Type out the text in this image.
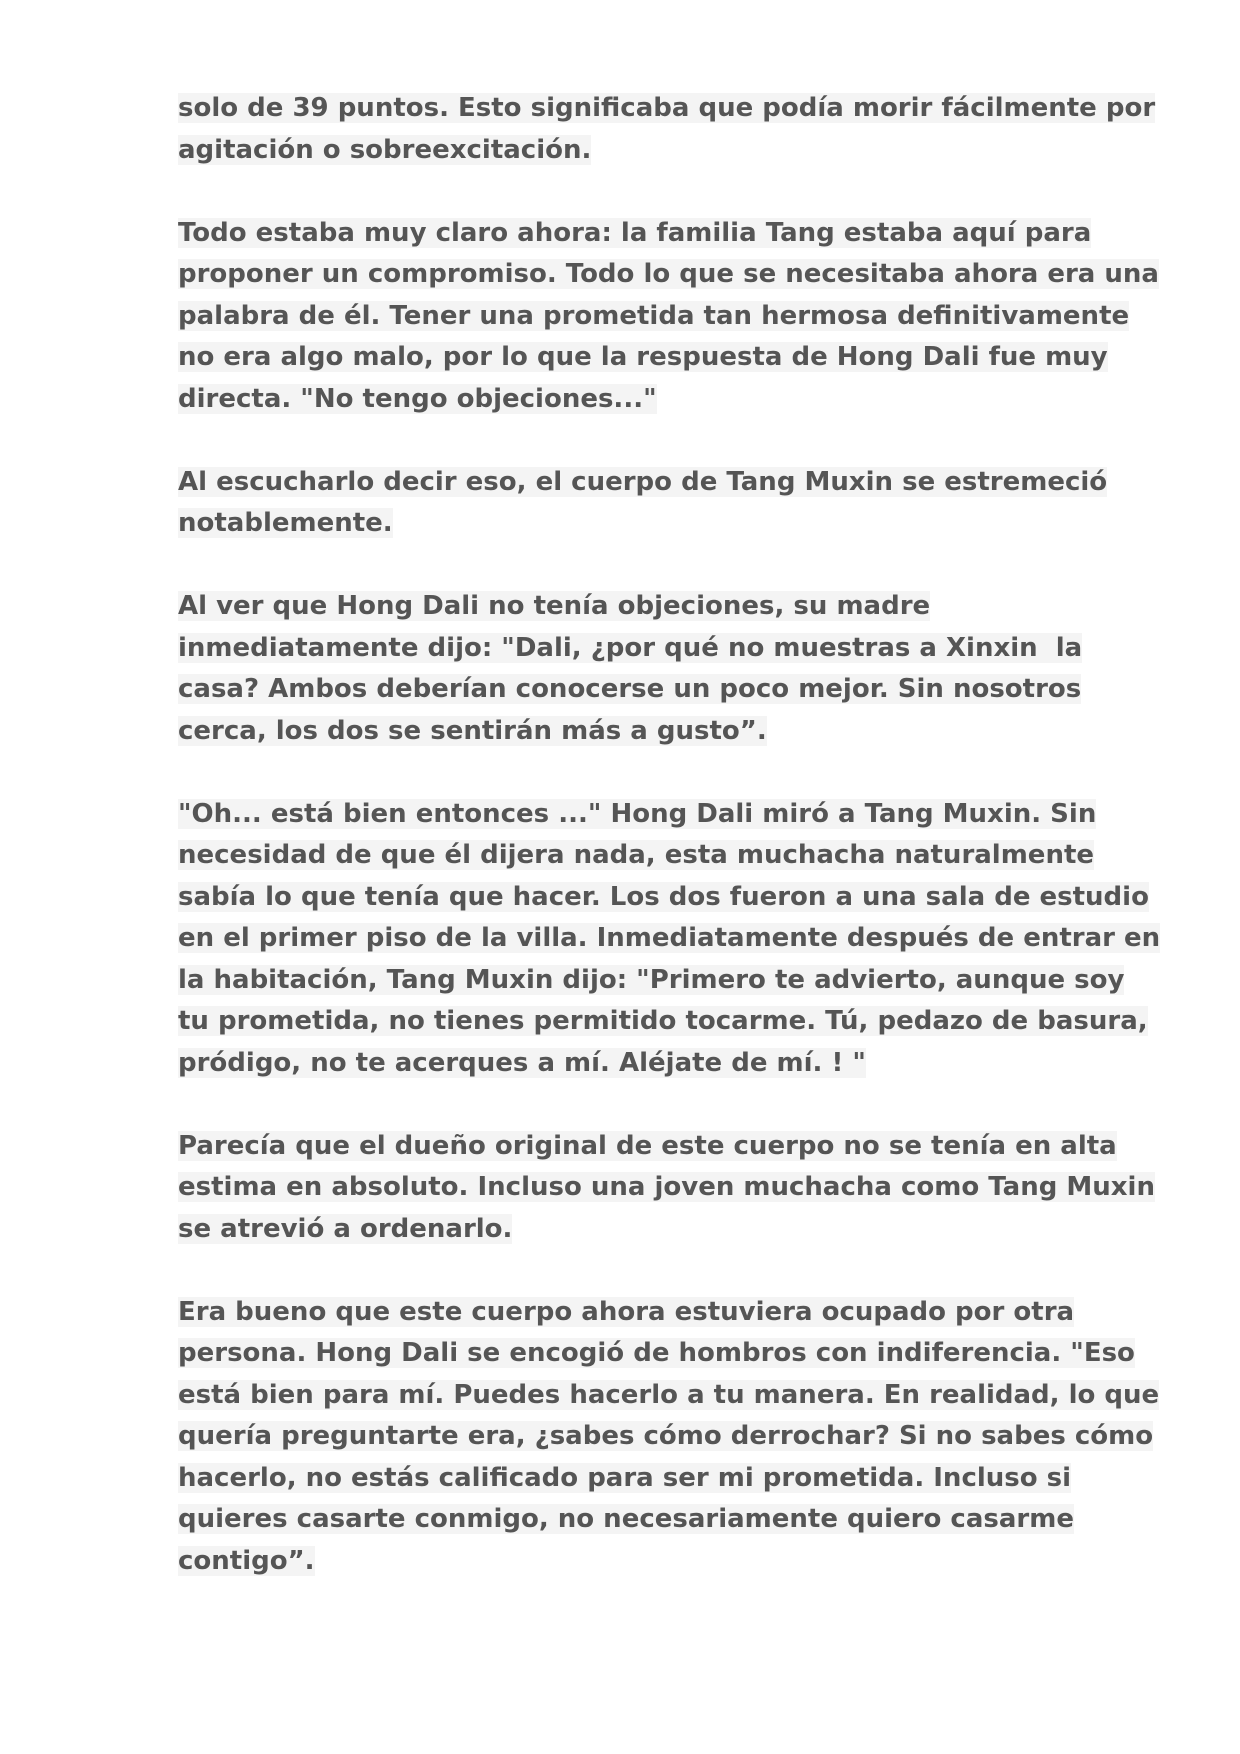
solo de 39 puntos. Esto significaba que podía morir fácilmente por
agitación o sobreexcitación.

Todo estaba muy claro ahora: la familia Tang estaba aquí para
proponer un compromiso. Todo lo que se necesitaba ahora era una
palabra de él. Tener una prometida tan hermosa definitivamente
no era algo malo, por lo que la respuesta de Hong Dali fue muy
directa. "No tengo objeciones..."

Al escucharlo decir eso, el cuerpo de Tang Muxin se estremeció
notablemente.

Al ver que Hong Dali no tenía objeciones, su madre
inmediatamente dijo: "Dali, ¿por qué no muestras a Xinxin  la
casa? Ambos deberían conocerse un poco mejor. Sin nosotros
cerca, los dos se sentirán más a gusto”.

"Oh... está bien entonces ..." Hong Dali miró a Tang Muxin. Sin
necesidad de que él dijera nada, esta muchacha naturalmente
sabía lo que tenía que hacer. Los dos fueron a una sala de estudio
en el primer piso de la villa. Inmediatamente después de entrar en
la habitación, Tang Muxin dijo: "Primero te advierto, aunque soy
tu prometida, no tienes permitido tocarme. Tú, pedazo de basura,
pródigo, no te acerques a mí. Aléjate de mí. ! "

Parecía que el dueño original de este cuerpo no se tenía en alta
estima en absoluto. Incluso una joven muchacha como Tang Muxin
se atrevió a ordenarlo.

Era bueno que este cuerpo ahora estuviera ocupado por otra
persona. Hong Dali se encogió de hombros con indiferencia. "Eso
está bien para mí. Puedes hacerlo a tu manera. En realidad, lo que
quería preguntarte era, ¿sabes cómo derrochar? Si no sabes cómo
hacerlo, no estás calificado para ser mi prometida. Incluso si
quieres casarte conmigo, no necesariamente quiero casarme
contigo”.
